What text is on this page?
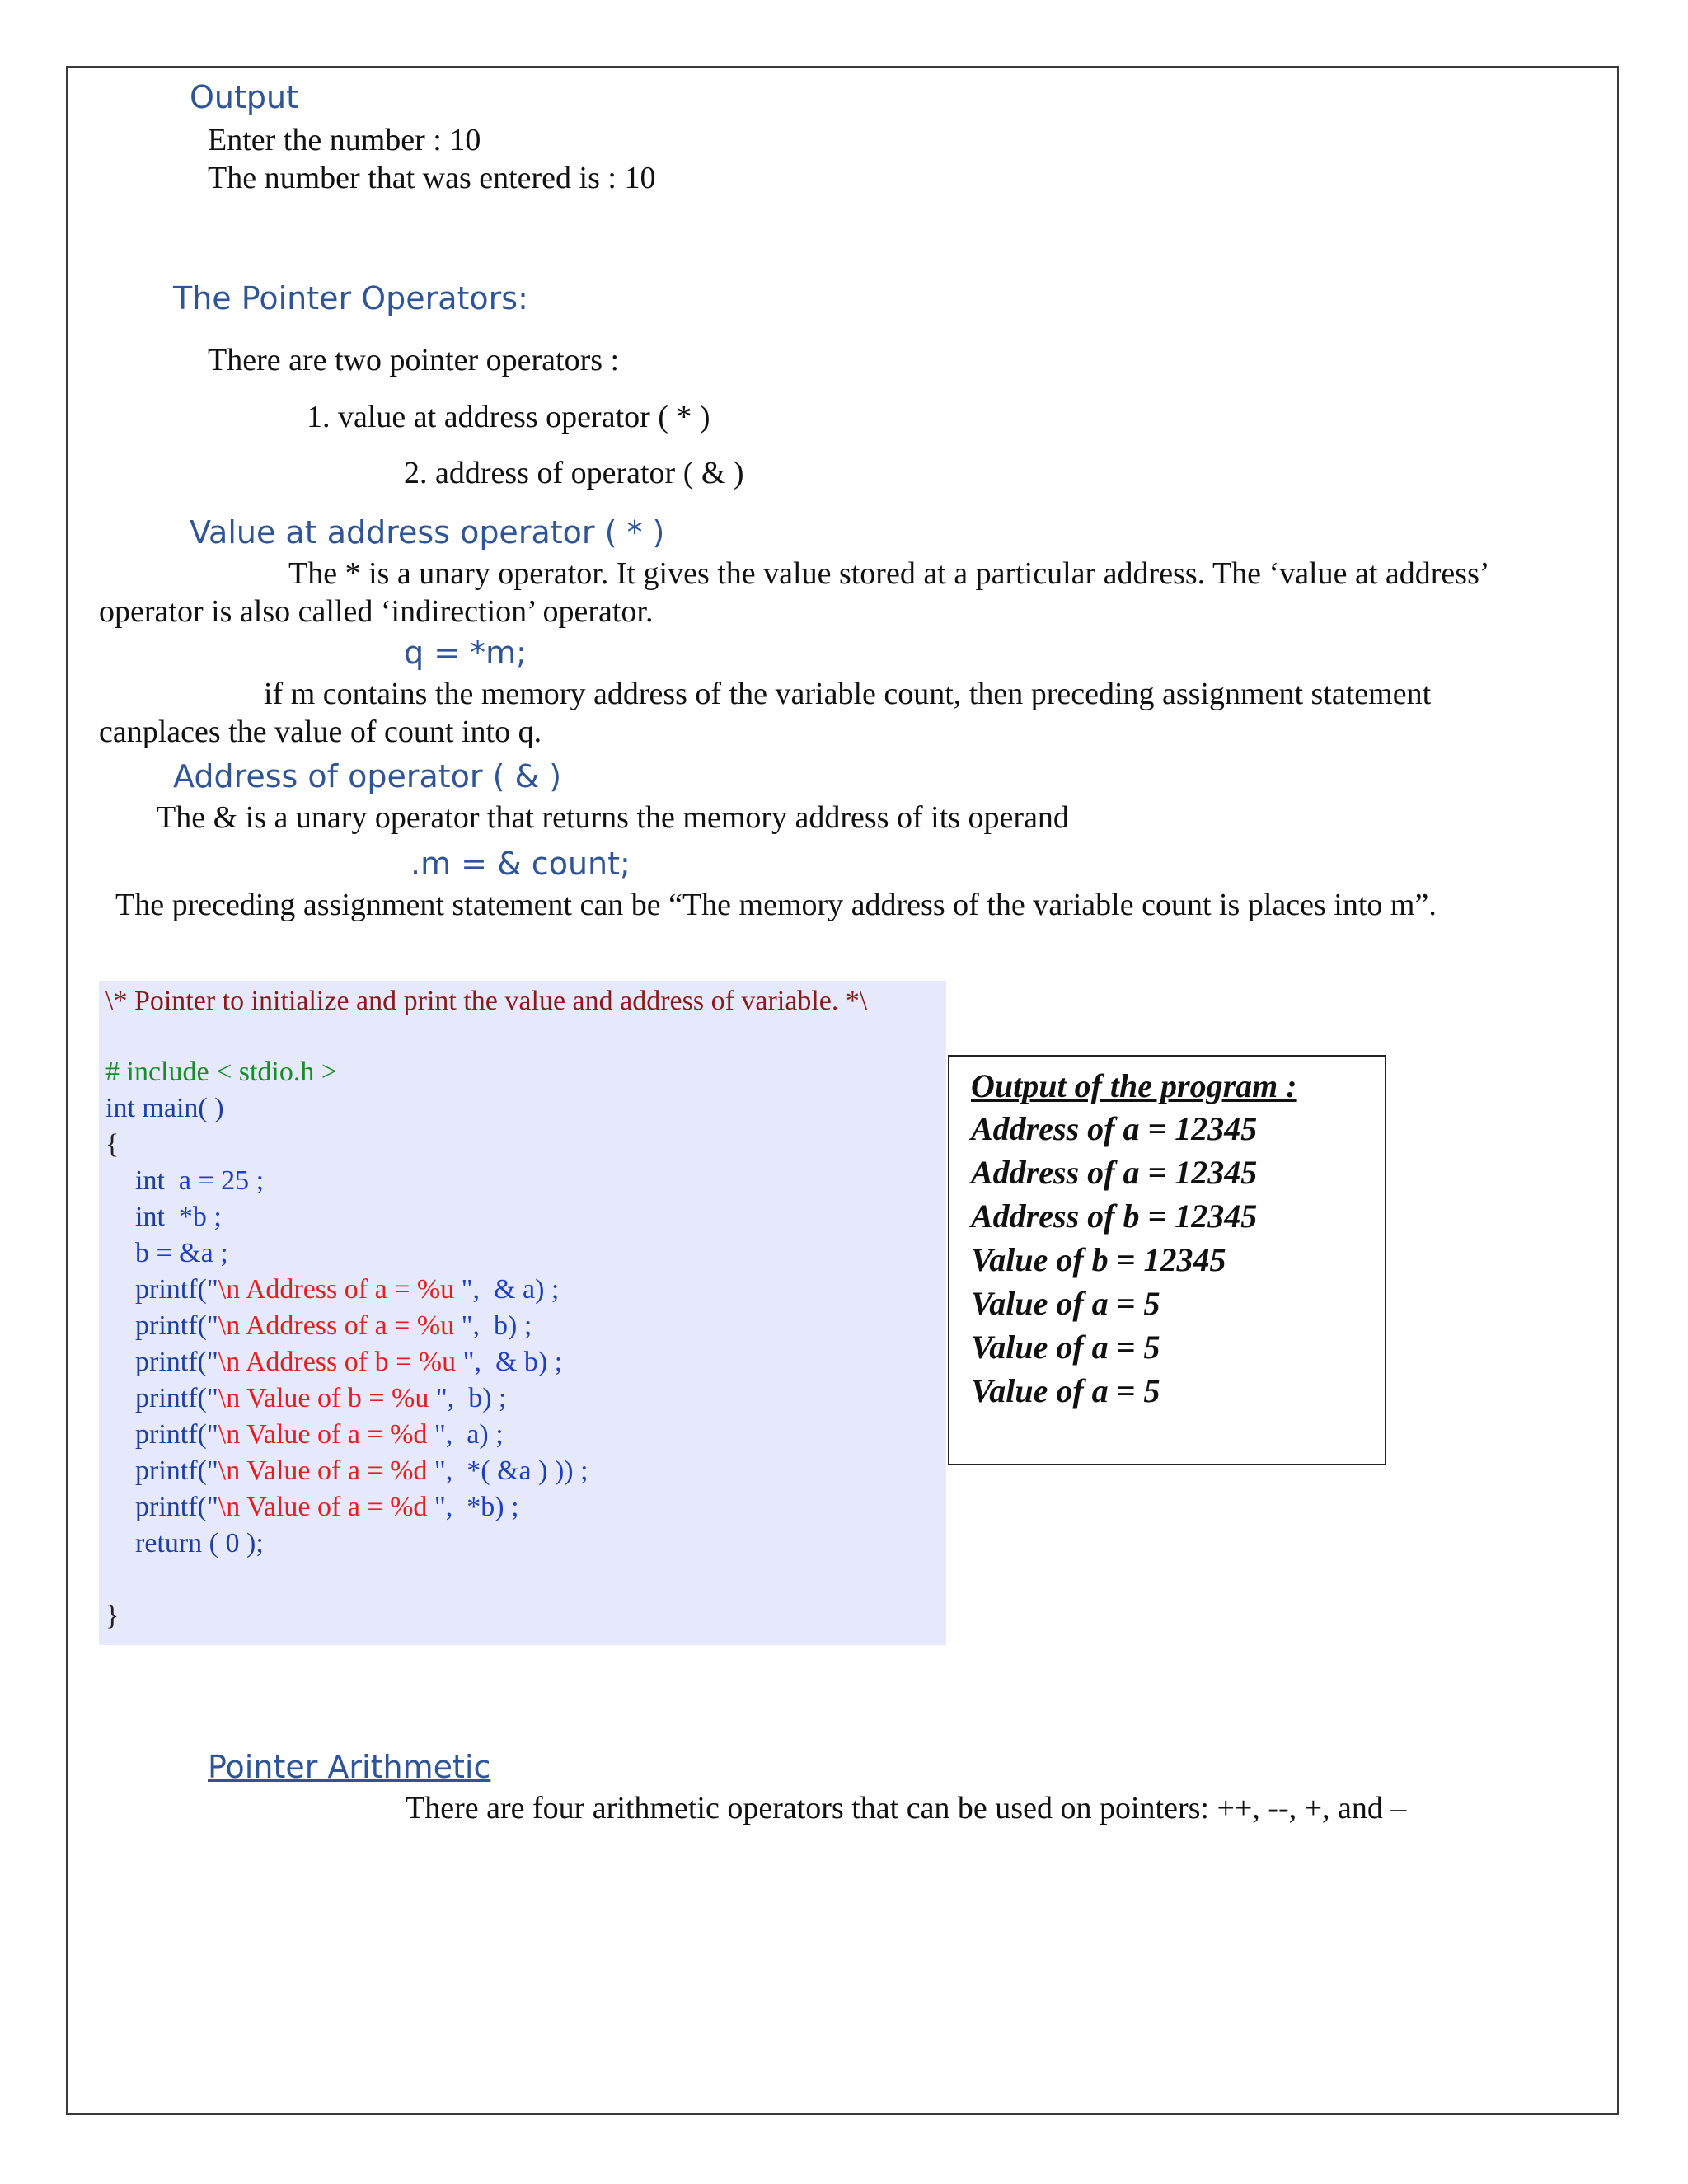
Output
Enter the number : 10
The number that was entered is : 10
The Pointer Operators:
There are two pointer operators :
1. value at address operator ( * )
2. address of operator ( & )
Value at address operator ( * )
The * is a unary operator. It gives the value stored at a particular address. The ‘value at address’
operator is also called ‘indirection’ operator.
q = *m;
if m contains the memory address of the variable count, then preceding assignment statement
canplaces the value of count into q.
Address of operator ( & )
The & is a unary operator that returns the memory address of its operand
.m = & count;
The preceding assignment statement can be “The memory address of the variable count is places into m”.
\* Pointer to initialize and print the value and address of variable. *\
# include < stdio.h >
int main( )
{
int  a = 25 ;
int  *b ;
b = &a ;
printf("\n Address of a = %u ",  & a) ;
printf("\n Address of a = %u ",  b) ;
printf("\n Address of b = %u ",  & b) ;
printf("\n Value of b = %u ",  b) ;
printf("\n Value of a = %d ",  a) ;
printf("\n Value of a = %d ",  *( &a ) )) ;
printf("\n Value of a = %d ",  *b) ;
return ( 0 );
}
Output of the program :
Address of a = 12345
Address of a = 12345
Address of b = 12345
Value of b = 12345
Value of a = 5
Value of a = 5
Value of a = 5
Pointer Arithmetic
There are four arithmetic operators that can be used on pointers: ++, --, +, and –
